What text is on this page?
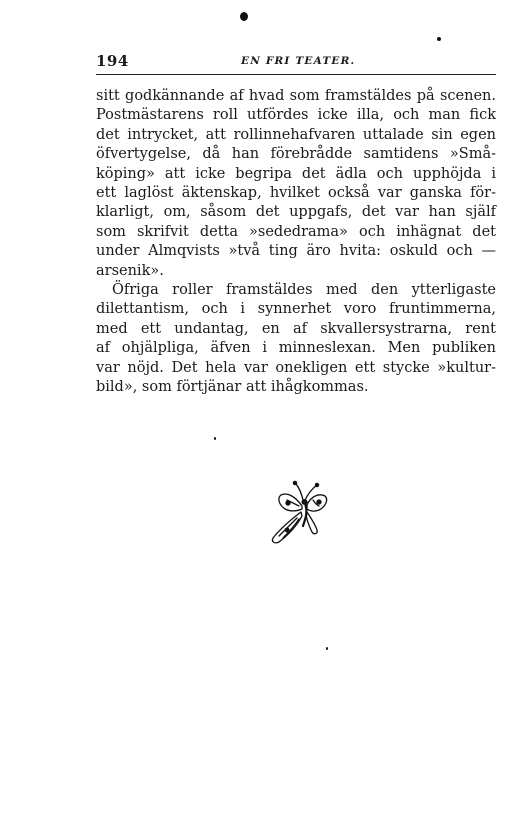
194	EN FRI TEATER.

sitt godkännande af hvad som framstäldes på scenen.
Postmästarens roll utfördes icke illa, och man fick
det intrycket, att rollinnehafvaren uttalade sin egen
öfvertygelse, då han förebrådde samtidens »Små-
köping» att icke begripa det ädla och upphöjda i
ett laglöst äktenskap, hvilket också var ganska för-
klarligt, om, såsom det uppgafs, det var han själf
som skrifvit detta »sededrama» och inhägnat det
under Almqvists »två ting äro hvita: oskuld och —
arsenik».

Öfriga roller framstäldes med den ytterligaste
dilettantism, och i synnerhet voro fruntimmerna,
med ett undantag, en af skvallersystrarna, rent
af ohjälpliga, äfven i minneslexan. Men publiken
var nöjd. Det hela var onekligen ett stycke »kultur-
bild», som förtjänar att ihågkommas.
